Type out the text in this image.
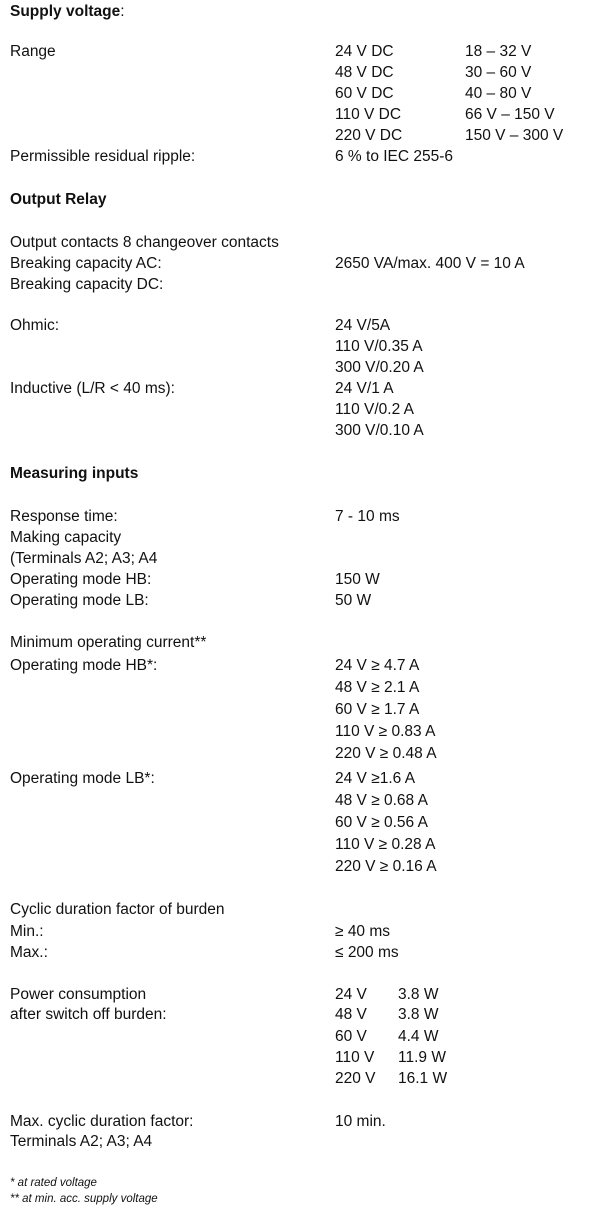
Supply voltage:
Range	24 V DC	18 – 32 V
48 V DC	30 – 60 V
60 V DC	40 – 80 V
110 V DC	66 V – 150 V
220 V DC	150 V – 300 V
Permissible residual ripple:	6 % to IEC 255-6
Output Relay
Output contacts 8 changeover contacts
Breaking capacity AC:	2650 VA/max. 400 V = 10 A
Breaking capacity DC:
Ohmic:	24 V/5A
110 V/0.35 A
300 V/0.20 A
Inductive (L/R < 40 ms):	24 V/1 A
110 V/0.2 A
300 V/0.10 A
Measuring inputs
Response time:	7 - 10 ms
Making capacity
(Terminals A2; A3; A4
Operating mode HB:	150 W
Operating mode LB:	50 W
Minimum operating current**
Operating mode HB*:	24 V ≥ 4.7 A
48 V ≥ 2.1 A
60 V ≥ 1.7 A
110 V ≥ 0.83 A
220 V ≥ 0.48 A
Operating mode LB*:	24 V ≥1.6 A
48 V ≥ 0.68 A
60 V ≥ 0.56 A
110 V ≥ 0.28 A
220 V ≥ 0.16 A
Cyclic duration factor of burden
Min.:	≥ 40 ms
Max.:	≤ 200 ms
Power consumption
after switch off burden:
24 V 3.8 W
48 V 3.8 W
60 V 4.4 W
110 V 11.9 W
220 V 16.1 W
Max. cyclic duration factor:	10 min.
Terminals A2; A3; A4
* at rated voltage
** at min. acc. supply voltage
